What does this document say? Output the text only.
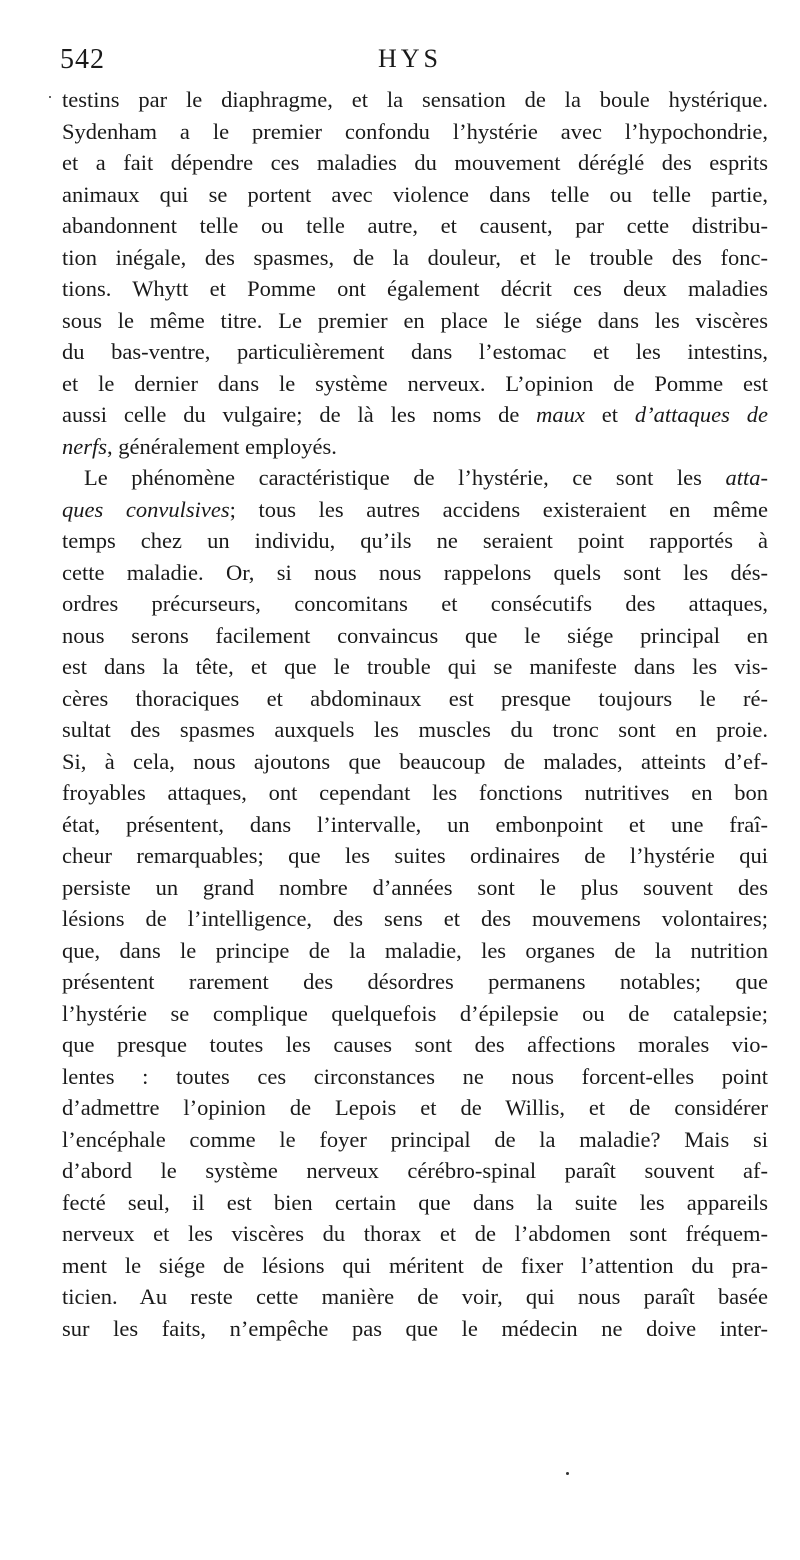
542	HYS
testins par le diaphragme, et la sensation de la boule hystérique.
Sydenham a le premier confondu l’hystérie avec l’hypochondrie,
et a fait dépendre ces maladies du mouvement déréglé des esprits
animaux qui se portent avec violence dans telle ou telle partie,
abandonnent telle ou telle autre, et causent, par cette distribu-
tion inégale, des spasmes, de la douleur, et le trouble des fonc-
tions. Whytt et Pomme ont également décrit ces deux maladies
sous le même titre. Le premier en place le siége dans les viscères
du bas-ventre, particulièrement dans l’estomac et les intestins,
et le dernier dans le système nerveux. L’opinion de Pomme est
aussi celle du vulgaire; de là les noms de maux et d’attaques de
nerfs, généralement employés.
Le phénomène caractéristique de l’hystérie, ce sont les atta-
ques convulsives; tous les autres accidens existeraient en même
temps chez un individu, qu’ils ne seraient point rapportés à
cette maladie. Or, si nous nous rappelons quels sont les dés-
ordres précurseurs, concomitans et consécutifs des attaques,
nous serons facilement convaincus que le siége principal en
est dans la tête, et que le trouble qui se manifeste dans les vis-
cères thoraciques et abdominaux est presque toujours le ré-
sultat des spasmes auxquels les muscles du tronc sont en proie.
Si, à cela, nous ajoutons que beaucoup de malades, atteints d’ef-
froyables attaques, ont cependant les fonctions nutritives en bon
état, présentent, dans l’intervalle, un embonpoint et une fraî-
cheur remarquables; que les suites ordinaires de l’hystérie qui
persiste un grand nombre d’années sont le plus souvent des
lésions de l’intelligence, des sens et des mouvemens volontaires;
que, dans le principe de la maladie, les organes de la nutrition
présentent rarement des désordres permanens notables; que
l’hystérie se complique quelquefois d’épilepsie ou de catalepsie;
que presque toutes les causes sont des affections morales vio-
lentes : toutes ces circonstances ne nous forcent-elles point
d’admettre l’opinion de Lepois et de Willis, et de considérer
l’encéphale comme le foyer principal de la maladie? Mais si
d’abord le système nerveux cérébro-spinal paraît souvent af-
fecté seul, il est bien certain que dans la suite les appareils
nerveux et les viscères du thorax et de l’abdomen sont fréquem-
ment le siége de lésions qui méritent de fixer l’attention du pra-
ticien. Au reste cette manière de voir, qui nous paraît basée
sur les faits, n’empêche pas que le médecin ne doive inter-
